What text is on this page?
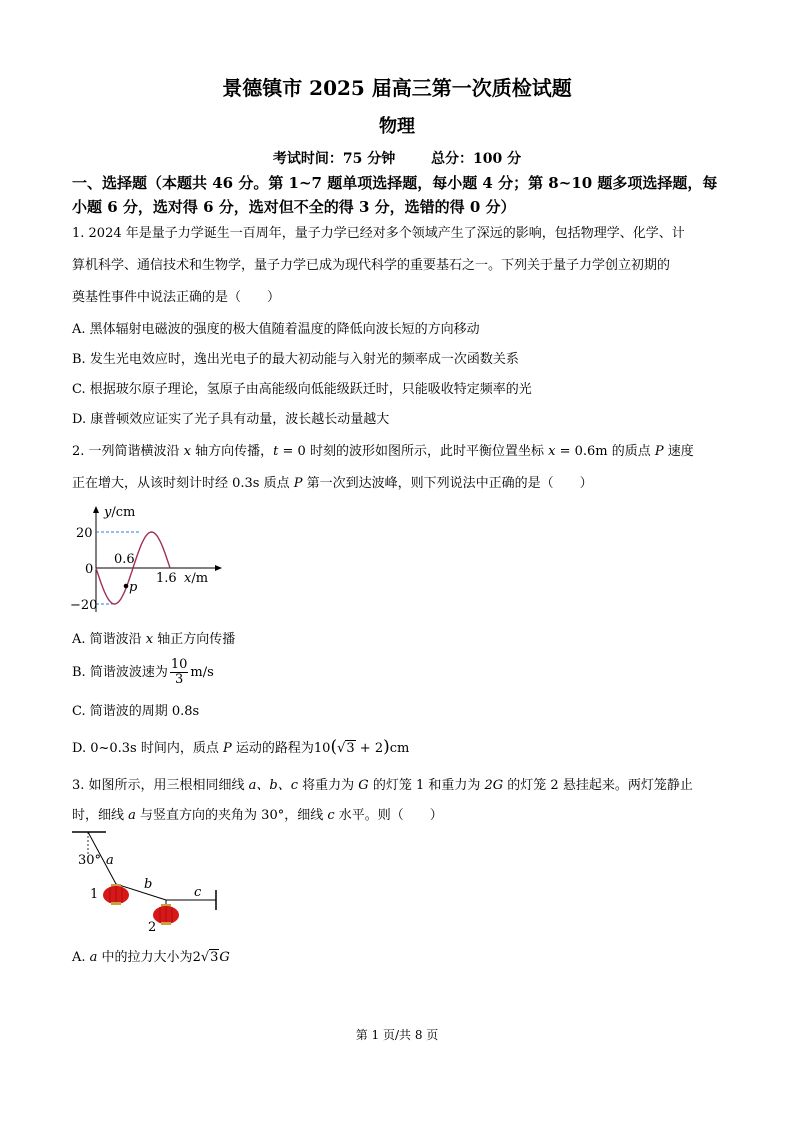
景德镇市 2025 届高三第一次质检试题
物理
考试时间：75 分钟	总分：100 分
一、选择题（本题共 46 分。第 1~7 题单项选择题，每小题 4 分；第 8~10 题多项选择题，每
小题 6 分，选对得 6 分，选对但不全的得 3 分，选错的得 0 分）
1. 2024 年是量子力学诞生一百周年，量子力学已经对多个领域产生了深远的影响，包括物理学、化学、计
算机科学、通信技术和生物学，量子力学已成为现代科学的重要基石之一。下列关于量子力学创立初期的
奠基性事件中说法正确的是（　　）
A. 黑体辐射电磁波的强度的极大值随着温度的降低向波长短的方向移动
B. 发生光电效应时，逸出光电子的最大初动能与入射光的频率成一次函数关系
C. 根据玻尔原子理论，氢原子由高能级向低能级跃迁时，只能吸收特定频率的光
D. 康普顿效应证实了光子具有动量，波长越长动量越大
2. 一列简谐横波沿 x 轴方向传播，t = 0 时刻的波形如图所示，此时平衡位置坐标 x = 0.6m 的质点 P 速度
正在增大，从该时刻计时经 0.3s 质点 P 第一次到达波峰，则下列说法中正确的是（　　）
y/cm
20
0
−20
0.6
1.6 x/m
p
A. 简谐波沿 x 轴正方向传播
B. 简谐波波速为 $\frac{10}{3} m/s$
C. 简谐波的周期 0.8s
D. 0~0.3s 时间内，质点 P 运动的路程为10(√3 + 2)cm
3. 如图所示，用三根相同细线 a、b、c 将重力为 G 的灯笼 1 和重力为 2G 的灯笼 2 悬挂起来。两灯笼静止
时，细线 a 与竖直方向的夹角为 30°，细线 c 水平。则（　　）
30° a
b
c
1
2
A. a 中的拉力大小为2√3G
第 1 页/共 8 页
